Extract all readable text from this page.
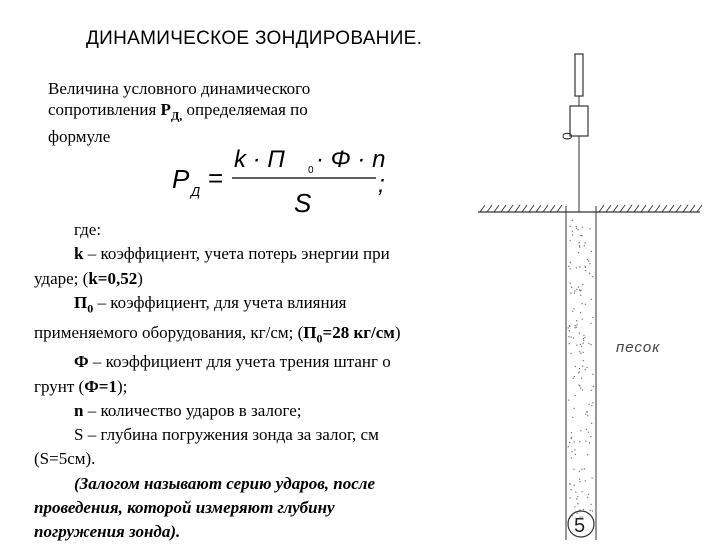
ДИНАМИЧЕСКОЕ ЗОНДИРОВАНИЕ.
Величина условного динамического
сопротивления $Р_{Д,}$ определяемая по
формуле
P Д =
k · П 0 · Φ · n
S
;

где:

k – коэффициент, учета потерь энергии при

ударе; (k=0,52)

$П_0$ – коэффициент, для учета влияния

применяемого оборудования, кг/см; ($П_0=28$ кг/см)

Ф – коэффициент для учета трения штанг о

грунт (Ф=1);

n – количество ударов в залоге;

S – глубина погружения зонда за залог, см

(S=5см).

(Залогом называют серию ударов, после

проведения, которой измеряют глубину

погружения зонда).

0
песок
5
